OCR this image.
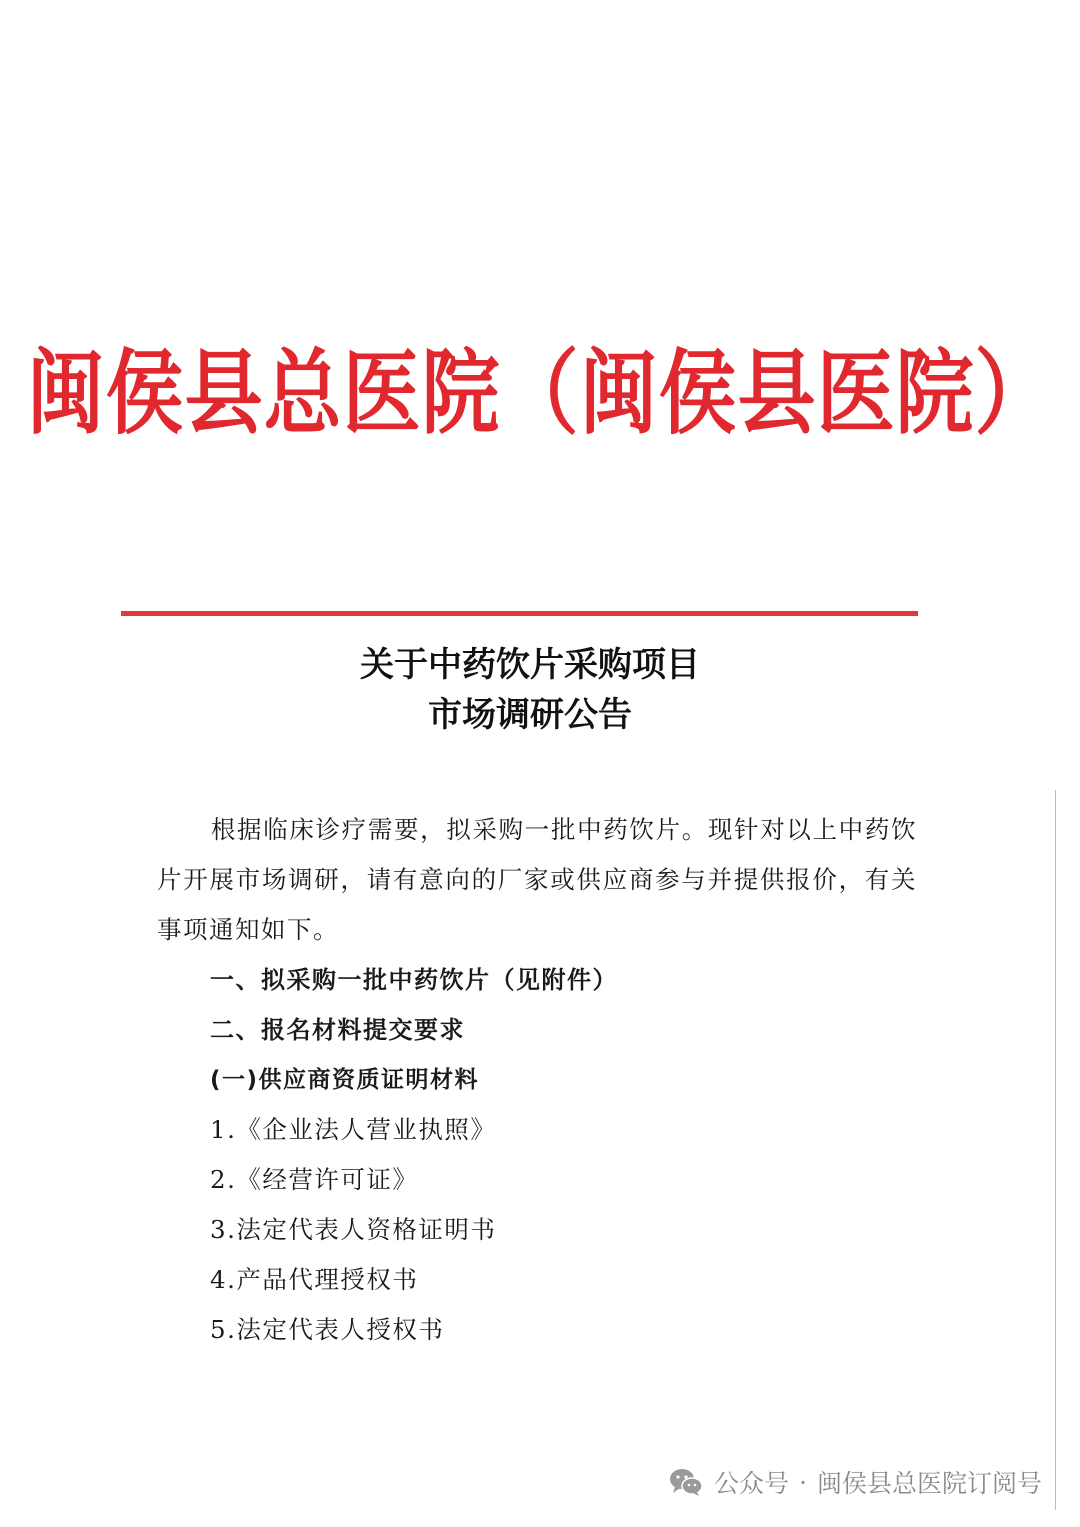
闽侯县总医院（闽侯县医院）
关于中药饮片采购项目
市场调研公告
根据临床诊疗需要，拟采购一批中药饮片。现针对以上中药饮片开展市场调研，请有意向的厂家或供应商参与并提供报价，有关事项通知如下。
一、拟采购一批中药饮片（见附件）
二、报名材料提交要求
(一)供应商资质证明材料
1.《企业法人营业执照》
2.《经营许可证》
3.法定代表人资格证明书
4.产品代理授权书
5.法定代表人授权书
公众号 · 闽侯县总医院订阅号
